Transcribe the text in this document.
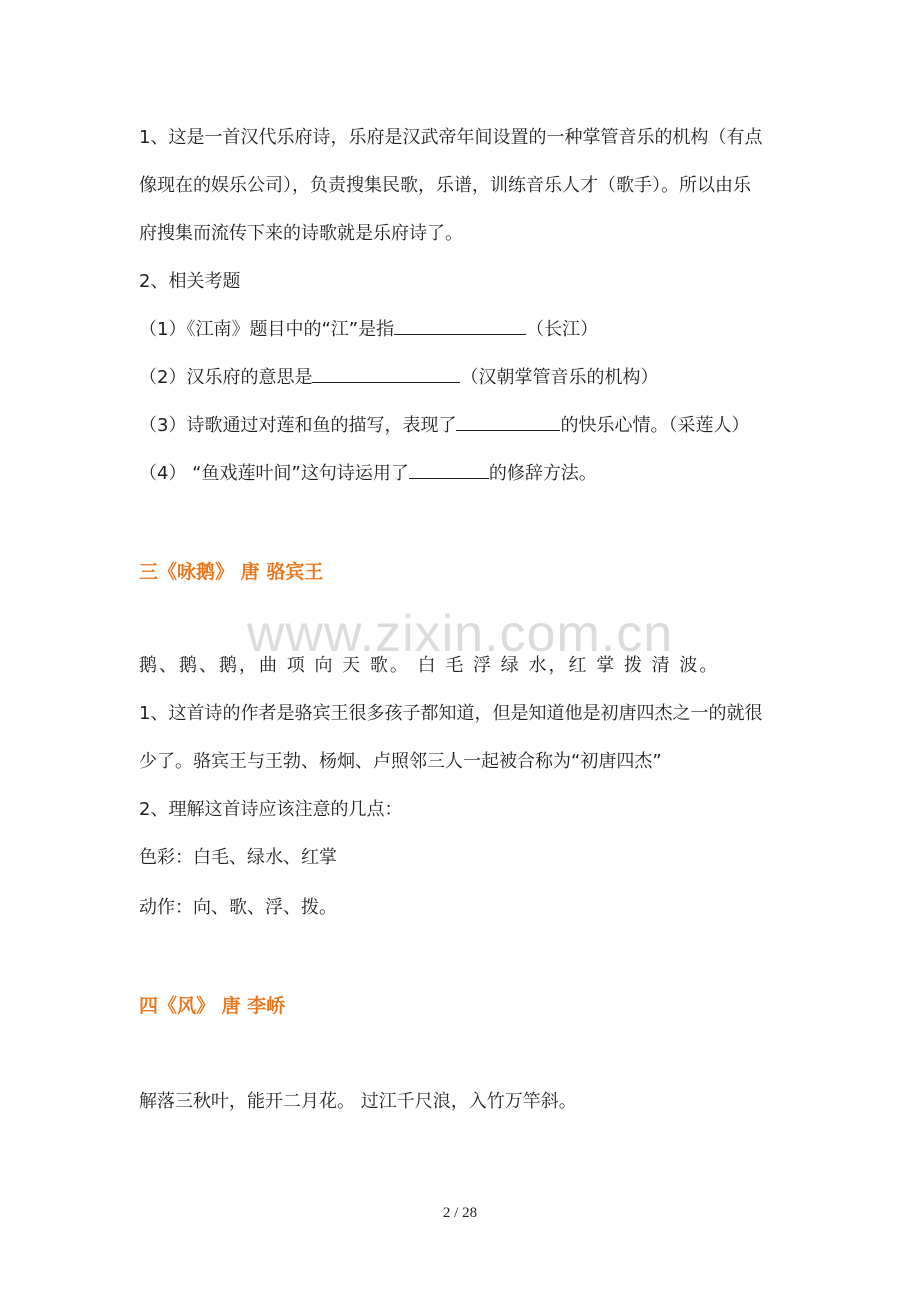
www.zixin.com.cn
1、这是一首汉代乐府诗，乐府是汉武帝年间设置的一种掌管音乐的机构（有点
像现在的娱乐公司），负责搜集民歌，乐谱，训练音乐人才（歌手）。所以由乐
府搜集而流传下来的诗歌就是乐府诗了。
2、相关考题
（1）《江南》题目中的“江”是指	（长江）
（2）汉乐府的意思是	（汉朝掌管音乐的机构）
（3）诗歌通过对莲和鱼的描写，表现了	的快乐心情。（采莲人）
（4） “鱼戏莲叶间”这句诗运用了	的修辞方法。
三《咏鹅》 唐 骆宾王
鹅、鹅、鹅，曲 项 向 天 歌。 白 毛 浮 绿 水，红 掌 拨 清 波。
1、这首诗的作者是骆宾王很多孩子都知道，但是知道他是初唐四杰之一的就很
少了。骆宾王与王勃、杨炯、卢照邻三人一起被合称为“初唐四杰”
2、理解这首诗应该注意的几点：
色彩：白毛、绿水、红掌
动作：向、歌、浮、拨。
四《风》 唐 李峤
解落三秋叶，能开二月花。 过江千尺浪，入竹万竿斜。
2 / 28
